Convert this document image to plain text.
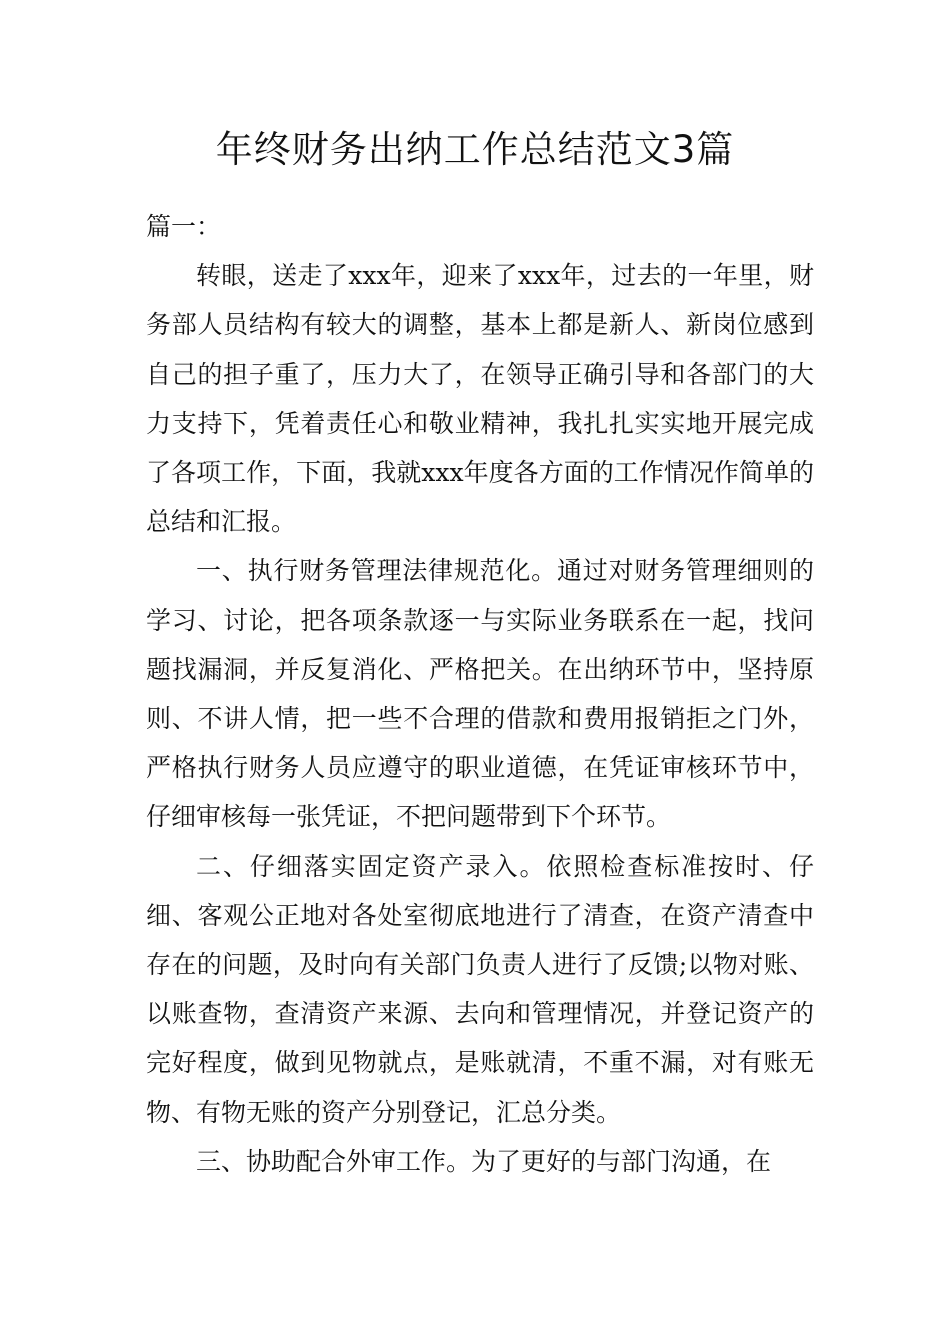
年终财务出纳工作总结范文3篇

篇一：

转眼，送走了xxx年，迎来了xxx年，过去的一年里，财务部人员结构有较大的调整，基本上都是新人、新岗位感到自己的担子重了，压力大了，在领导正确引导和各部门的大力支持下，凭着责任心和敬业精神，我扎扎实实地开展完成了各项工作，下面，我就xxx年度各方面的工作情况作简单的总结和汇报。

一、执行财务管理法律规范化。通过对财务管理细则的学习、讨论，把各项条款逐一与实际业务联系在一起，找问题找漏洞，并反复消化、严格把关。在出纳环节中，坚持原则、不讲人情，把一些不合理的借款和费用报销拒之门外，严格执行财务人员应遵守的职业道德，在凭证审核环节中，仔细审核每一张凭证，不把问题带到下个环节。

二、仔细落实固定资产录入。依照检查标准按时、仔细、客观公正地对各处室彻底地进行了清查，在资产清查中存在的问题，及时向有关部门负责人进行了反馈;以物对账、以账查物，查清资产来源、去向和管理情况，并登记资产的完好程度，做到见物就点，是账就清，不重不漏，对有账无物、有物无账的资产分别登记，汇总分类。

三、协助配合外审工作。为了更好的与部门沟通，在
